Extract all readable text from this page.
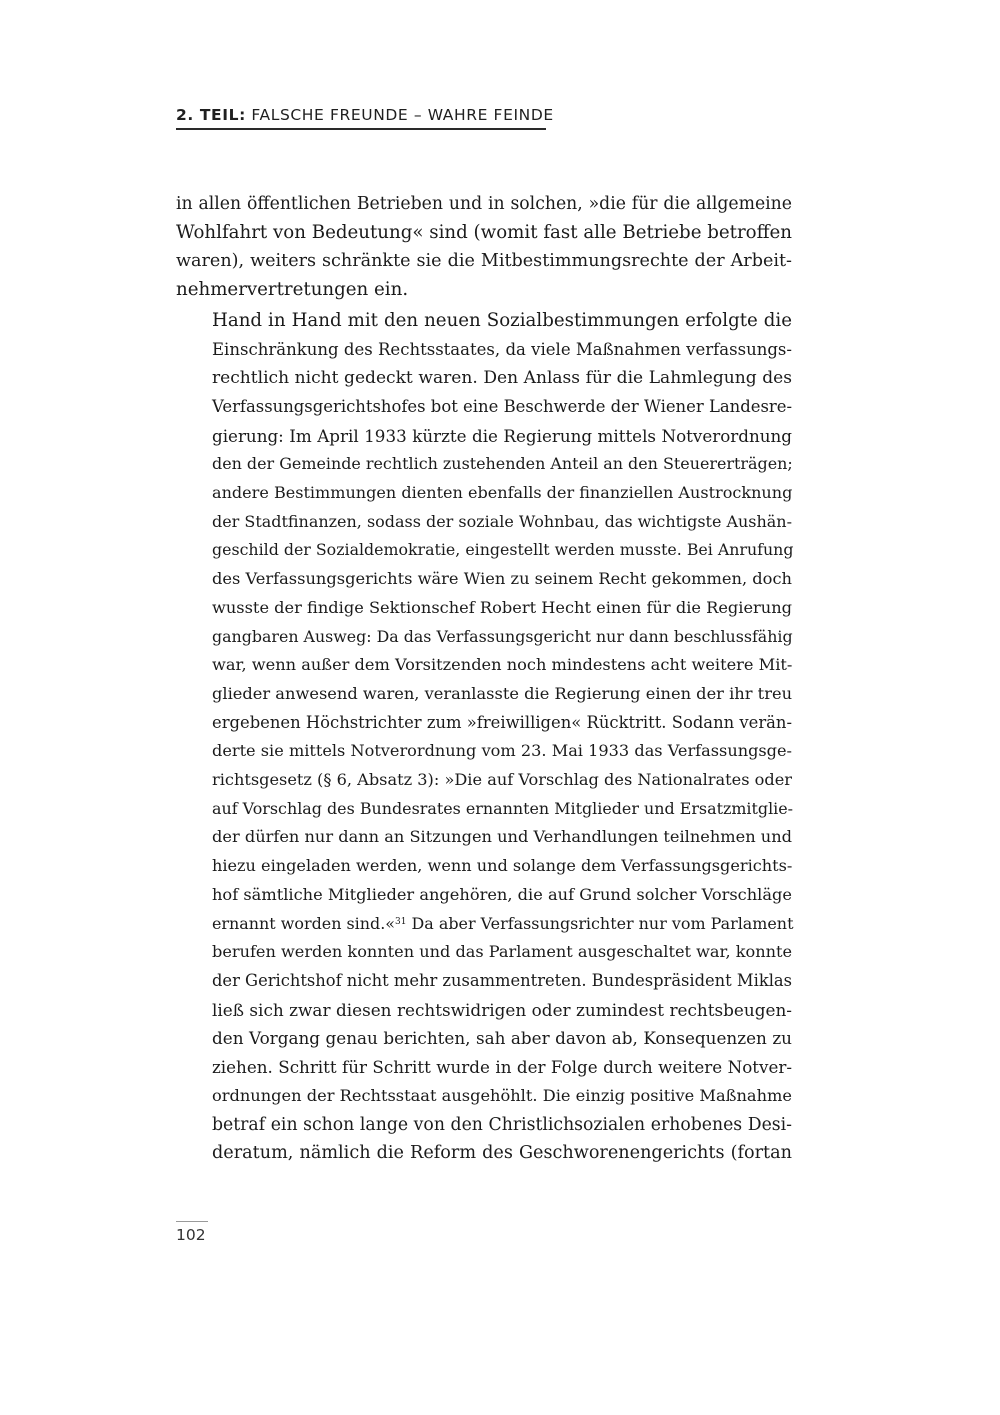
2. TEIL: FALSCHE FREUNDE – WAHRE FEINDE

in allen öffentlichen Betrieben und in solchen, »die für die allgemeine
Wohlfahrt von Bedeutung« sind (womit fast alle Betriebe betroffen
waren), weiters schränkte sie die Mitbestimmungsrechte der Arbeit-
nehmervertretungen ein.

Hand in Hand mit den neuen Sozialbestimmungen erfolgte die
Einschränkung des Rechtsstaates, da viele Maßnahmen verfassungs-
rechtlich nicht gedeckt waren. Den Anlass für die Lahmlegung des
Verfassungsgerichtshofes bot eine Beschwerde der Wiener Landesre-
gierung: Im April 1933 kürzte die Regierung mittels Notverordnung
den der Gemeinde rechtlich zustehenden Anteil an den Steuererträgen;
andere Bestimmungen dienten ebenfalls der finanziellen Austrocknung
der Stadtfinanzen, sodass der soziale Wohnbau, das wichtigste Aushän-
geschild der Sozialdemokratie, eingestellt werden musste. Bei Anrufung
des Verfassungsgerichts wäre Wien zu seinem Recht gekommen, doch
wusste der findige Sektionschef Robert Hecht einen für die Regierung
gangbaren Ausweg: Da das Verfassungsgericht nur dann beschlussfähig
war, wenn außer dem Vorsitzenden noch mindestens acht weitere Mit-
glieder anwesend waren, veranlasste die Regierung einen der ihr treu
ergebenen Höchstrichter zum »freiwilligen« Rücktritt. Sodann verän-
derte sie mittels Notverordnung vom 23. Mai 1933 das Verfassungsge-
richtsgesetz (§ 6, Absatz 3): »Die auf Vorschlag des Nationalrates oder
auf Vorschlag des Bundesrates ernannten Mitglieder und Ersatzmitglie-
der dürfen nur dann an Sitzungen und Verhandlungen teilnehmen und
hiezu eingeladen werden, wenn und solange dem Verfassungsgerichts-
hof sämtliche Mitglieder angehören, die auf Grund solcher Vorschläge
ernannt worden sind.«$^{31}$ Da aber Verfassungsrichter nur vom Parlament
berufen werden konnten und das Parlament ausgeschaltet war, konnte
der Gerichtshof nicht mehr zusammentreten. Bundespräsident Miklas
ließ sich zwar diesen rechtswidrigen oder zumindest rechtsbeugen-
den Vorgang genau berichten, sah aber davon ab, Konsequenzen zu
ziehen. Schritt für Schritt wurde in der Folge durch weitere Notver-
ordnungen der Rechtsstaat ausgehöhlt. Die einzig positive Maßnahme
betraf ein schon lange von den Christlichsozialen erhobenes Desi-
deratum, nämlich die Reform des Geschworenengerichts (fortan

102
